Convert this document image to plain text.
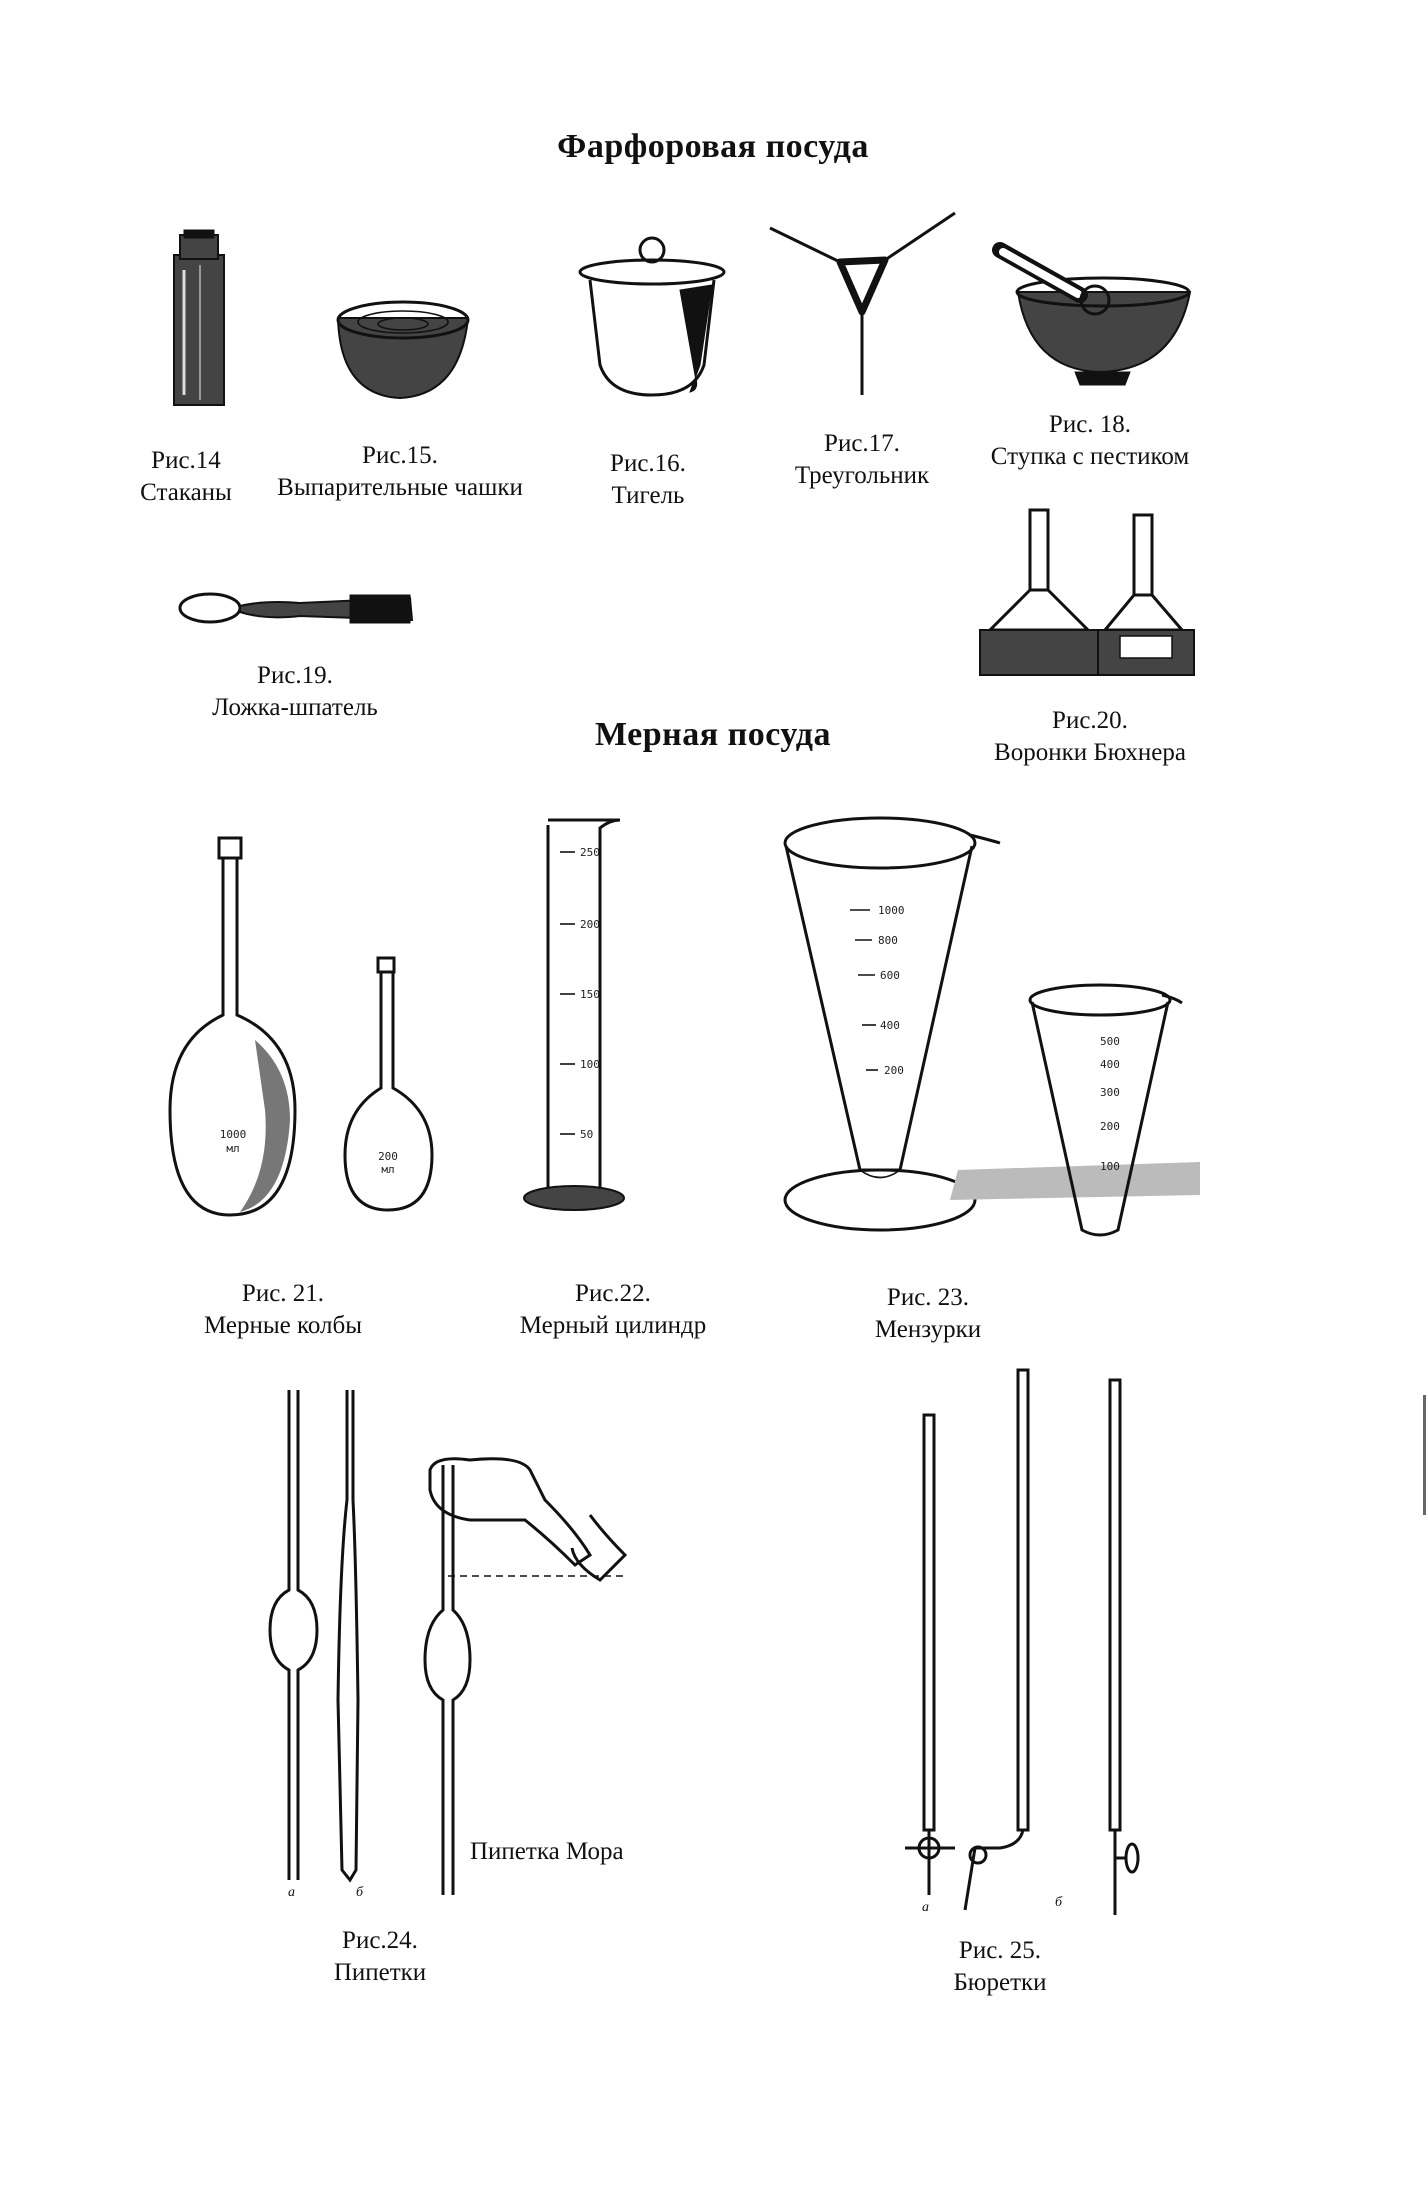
Фарфоровая посуда
Мерная посуда
1000
мл
200
мл
250
200
150
100
50
1000
800
600
400
200
500
400
300
200
100
Рис.14
Стаканы
Рис.15.
Выпарительные чашки
Рис.16.
Тигель
Рис.17.
Треугольник
Рис. 18.
Ступка с пестиком
Рис.19.
Ложка-шпатель	Рис.20.
Воронки Бюхнера
Рис. 21.
Мерные колбы
Рис.22.
Мерный цилиндр
Рис. 23.
Мензурки
Рис.24.
Пипетки
Рис. 25.
Бюретки
Пипетка Мора
а	б
а	б
